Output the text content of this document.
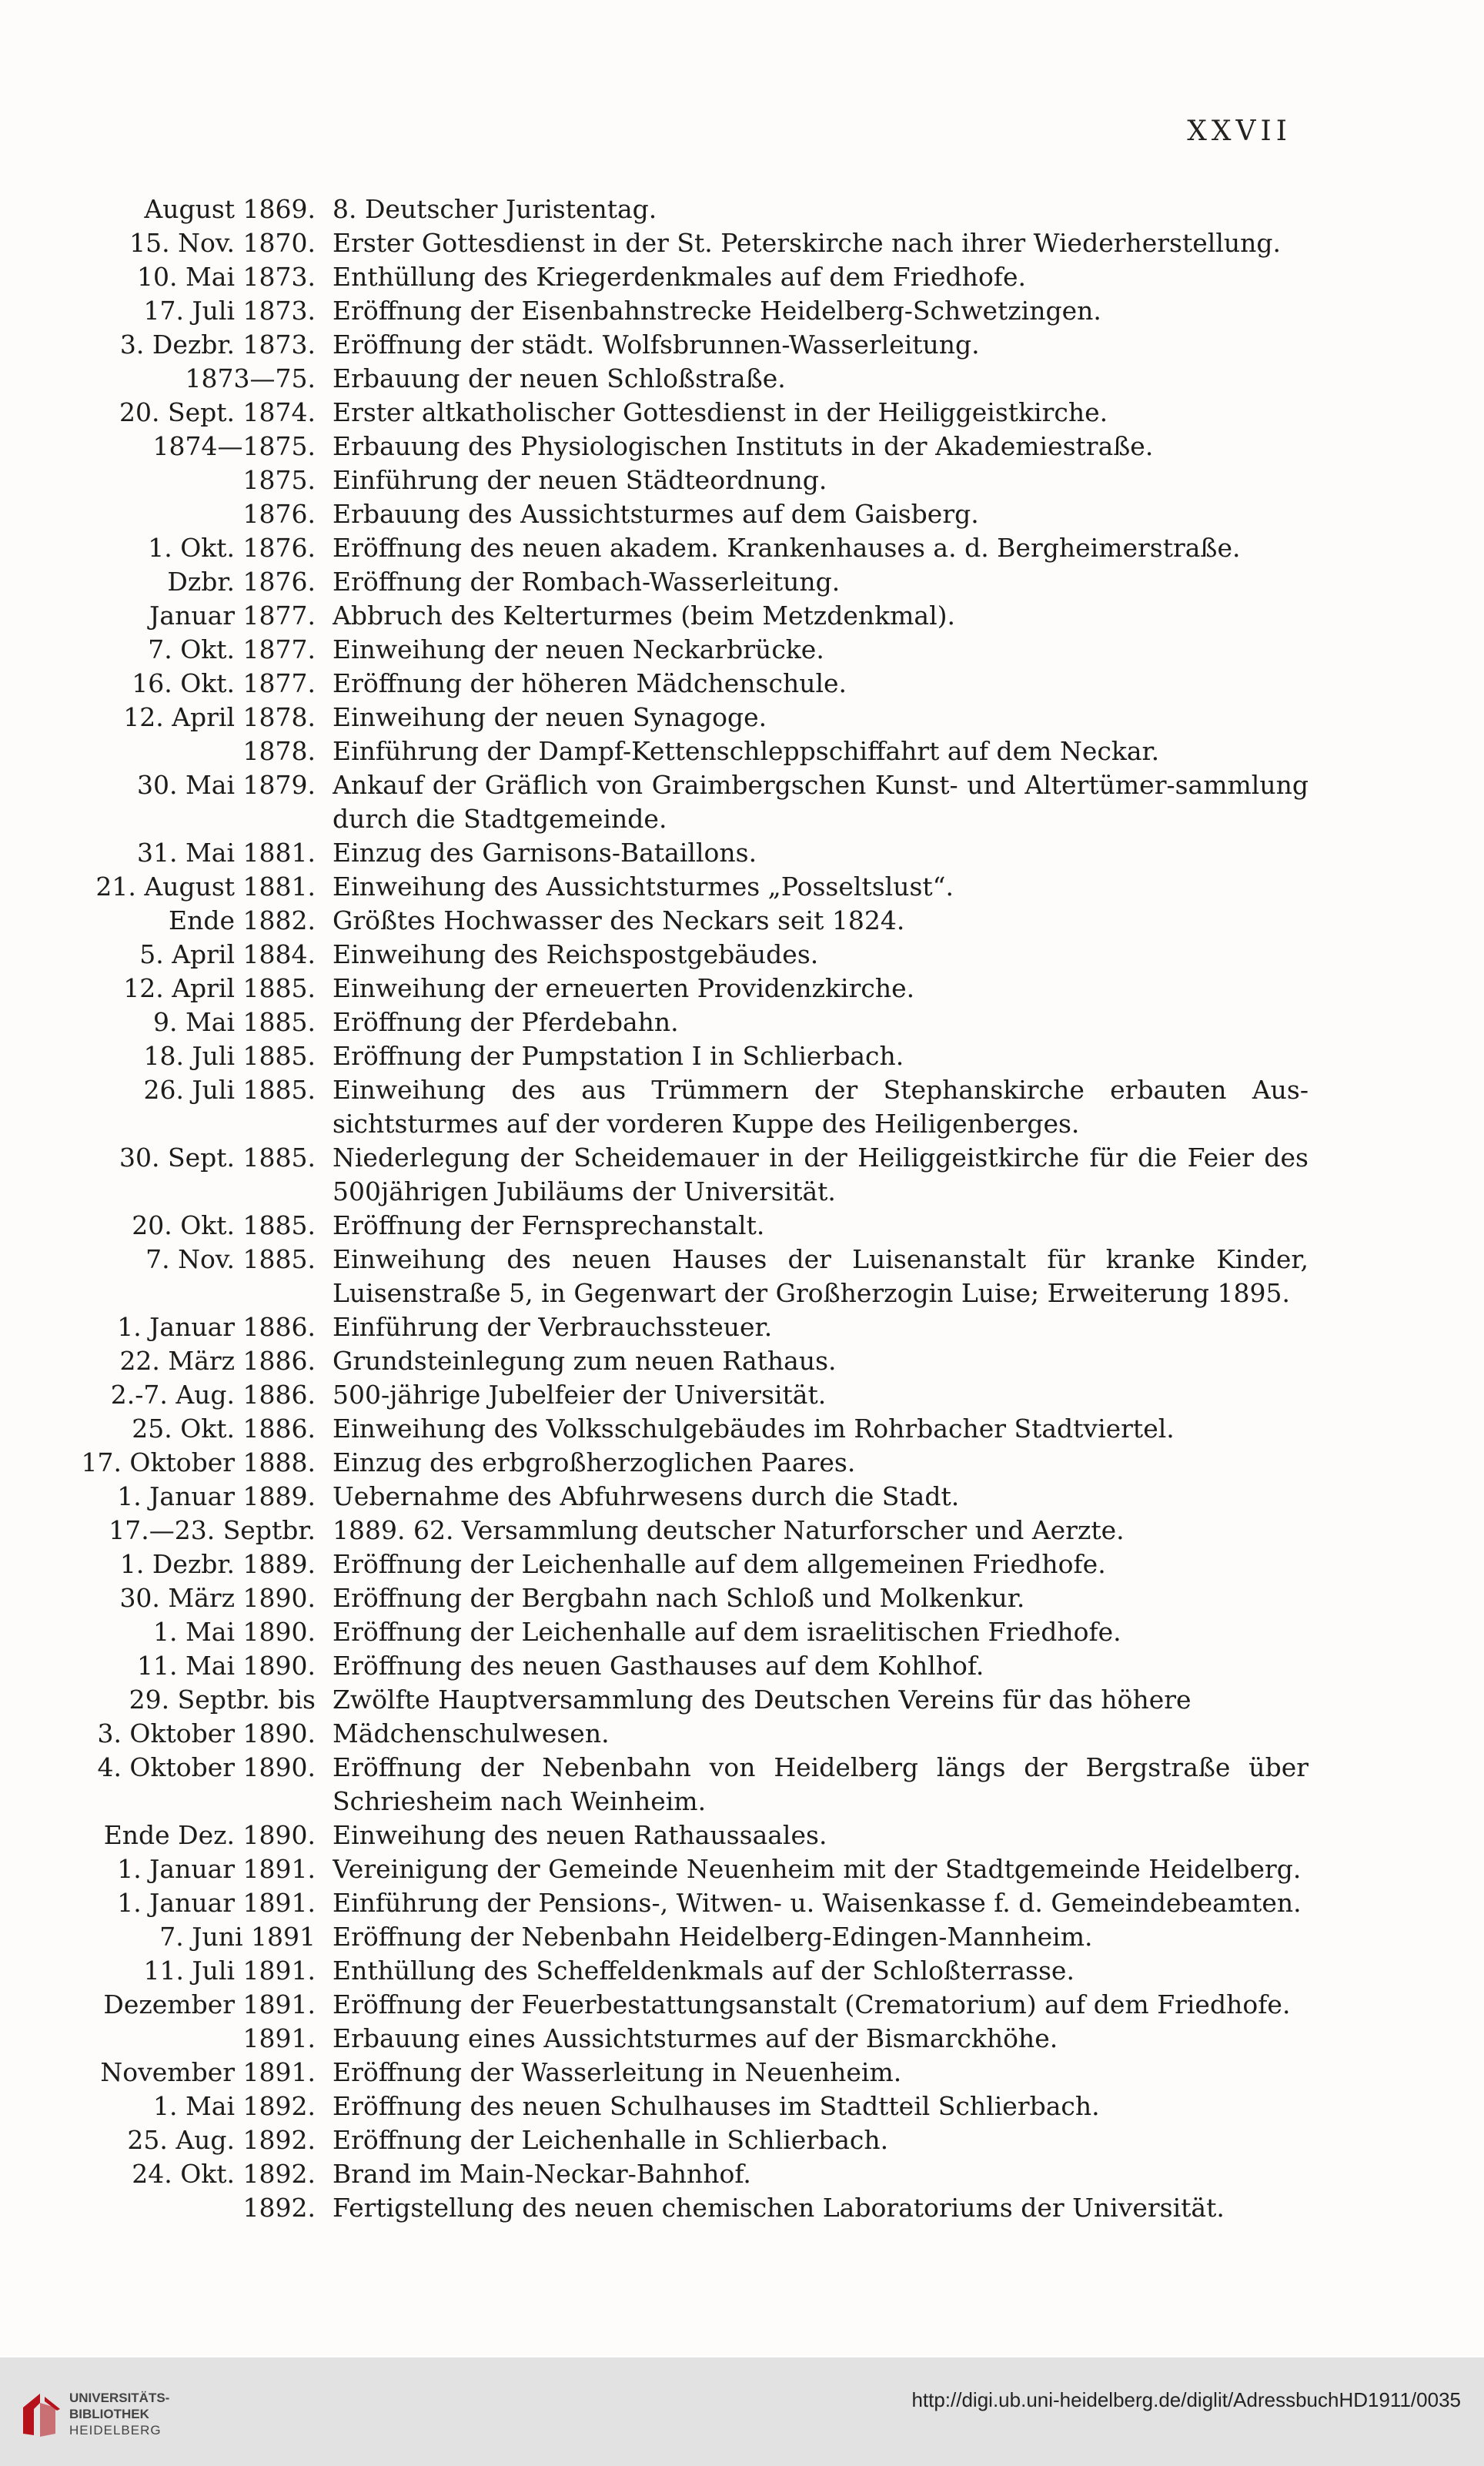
XXVII
August 1869. 8. Deutscher Juristentag.
15. Nov. 1870. Erster Gottesdienst in der St. Peterskirche nach ihrer Wiederherstellung.
10. Mai 1873. Enthüllung des Kriegerdenkmales auf dem Friedhofe.
17. Juli 1873. Eröffnung der Eisenbahnstrecke Heidelberg-Schwetzingen.
3. Dezbr. 1873. Eröffnung der städt. Wolfsbrunnen-Wasserleitung.
1873—75. Erbauung der neuen Schloßstraße.
20. Sept. 1874. Erster altkatholischer Gottesdienst in der Heiliggeistkirche.
1874—1875. Erbauung des Physiologischen Instituts in der Akademiestraße.
1875. Einführung der neuen Städteordnung.
1876. Erbauung des Aussichtsturmes auf dem Gaisberg.
1. Okt. 1876. Eröffnung des neuen akadem. Krankenhauses a. d. Bergheimerstraße.
Dzbr. 1876. Eröffnung der Rombach-Wasserleitung.
Januar 1877. Abbruch des Kelterturmes (beim Metzdenkmal).
7. Okt. 1877. Einweihung der neuen Neckarbrücke.
16. Okt. 1877. Eröffnung der höheren Mädchenschule.
12. April 1878. Einweihung der neuen Synagoge.
1878. Einführung der Dampf-Kettenschleppschiffahrt auf dem Neckar.
30. Mai 1879. Ankauf der Gräflich von Graimbergschen Kunst- und Altertümer-sammlung durch die Stadtgemeinde.
31. Mai 1881. Einzug des Garnisons-Bataillons.
21. August 1881. Einweihung des Aussichtsturmes „Posseltslust“.
Ende 1882. Größtes Hochwasser des Neckars seit 1824.
5. April 1884. Einweihung des Reichspostgebäudes.
12. April 1885. Einweihung der erneuerten Providenzkirche.
9. Mai 1885. Eröffnung der Pferdebahn.
18. Juli 1885. Eröffnung der Pumpstation I in Schlierbach.
26. Juli 1885. Einweihung des aus Trümmern der Stephanskirche erbauten Aus-sichtsturmes auf der vorderen Kuppe des Heiligenberges.
30. Sept. 1885. Niederlegung der Scheidemauer in der Heiliggeistkirche für die Feier des 500jährigen Jubiläums der Universität.
20. Okt. 1885. Eröffnung der Fernsprechanstalt.
7. Nov. 1885. Einweihung des neuen Hauses der Luisenanstalt für kranke Kinder, Luisenstraße 5, in Gegenwart der Großherzogin Luise; Erweiterung 1895.
1. Januar 1886. Einführung der Verbrauchssteuer.
22. März 1886. Grundsteinlegung zum neuen Rathaus.
2.-7. Aug. 1886. 500-jährige Jubelfeier der Universität.
25. Okt. 1886. Einweihung des Volksschulgebäudes im Rohrbacher Stadtviertel.
17. Oktober 1888. Einzug des erbgroßherzoglichen Paares.
1. Januar 1889. Uebernahme des Abfuhrwesens durch die Stadt.
17.—23. Septbr. 1889. 62. Versammlung deutscher Naturforscher und Aerzte.
1. Dezbr. 1889. Eröffnung der Leichenhalle auf dem allgemeinen Friedhofe.
30. März 1890. Eröffnung der Bergbahn nach Schloß und Molkenkur.
1. Mai 1890. Eröffnung der Leichenhalle auf dem israelitischen Friedhofe.
11. Mai 1890. Eröffnung des neuen Gasthauses auf dem Kohlhof.
29. Septbr. bis Zwölfte Hauptversammlung des Deutschen Vereins für das höhere
3. Oktober 1890. Mädchenschulwesen.
4. Oktober 1890. Eröffnung der Nebenbahn von Heidelberg längs der Bergstraße über Schriesheim nach Weinheim.
Ende Dez. 1890. Einweihung des neuen Rathaussaales.
1. Januar 1891. Vereinigung der Gemeinde Neuenheim mit der Stadtgemeinde Heidelberg.
1. Januar 1891. Einführung der Pensions-, Witwen- u. Waisenkasse f. d. Gemeindebeamten.
7. Juni 1891 Eröffnung der Nebenbahn Heidelberg-Edingen-Mannheim.
11. Juli 1891. Enthüllung des Scheffeldenkmals auf der Schloßterrasse.
Dezember 1891. Eröffnung der Feuerbestattungsanstalt (Crematorium) auf dem Friedhofe.
1891. Erbauung eines Aussichtsturmes auf der Bismarckhöhe.
November 1891. Eröffnung der Wasserleitung in Neuenheim.
1. Mai 1892. Eröffnung des neuen Schulhauses im Stadtteil Schlierbach.
25. Aug. 1892. Eröffnung der Leichenhalle in Schlierbach.
24. Okt. 1892. Brand im Main-Neckar-Bahnhof.
1892. Fertigstellung des neuen chemischen Laboratoriums der Universität.
UNIVERSITÄTS-
BIBLIOTHEK
HEIDELBERG
http://digi.ub.uni-heidelberg.de/diglit/AdressbuchHD1911/0035
